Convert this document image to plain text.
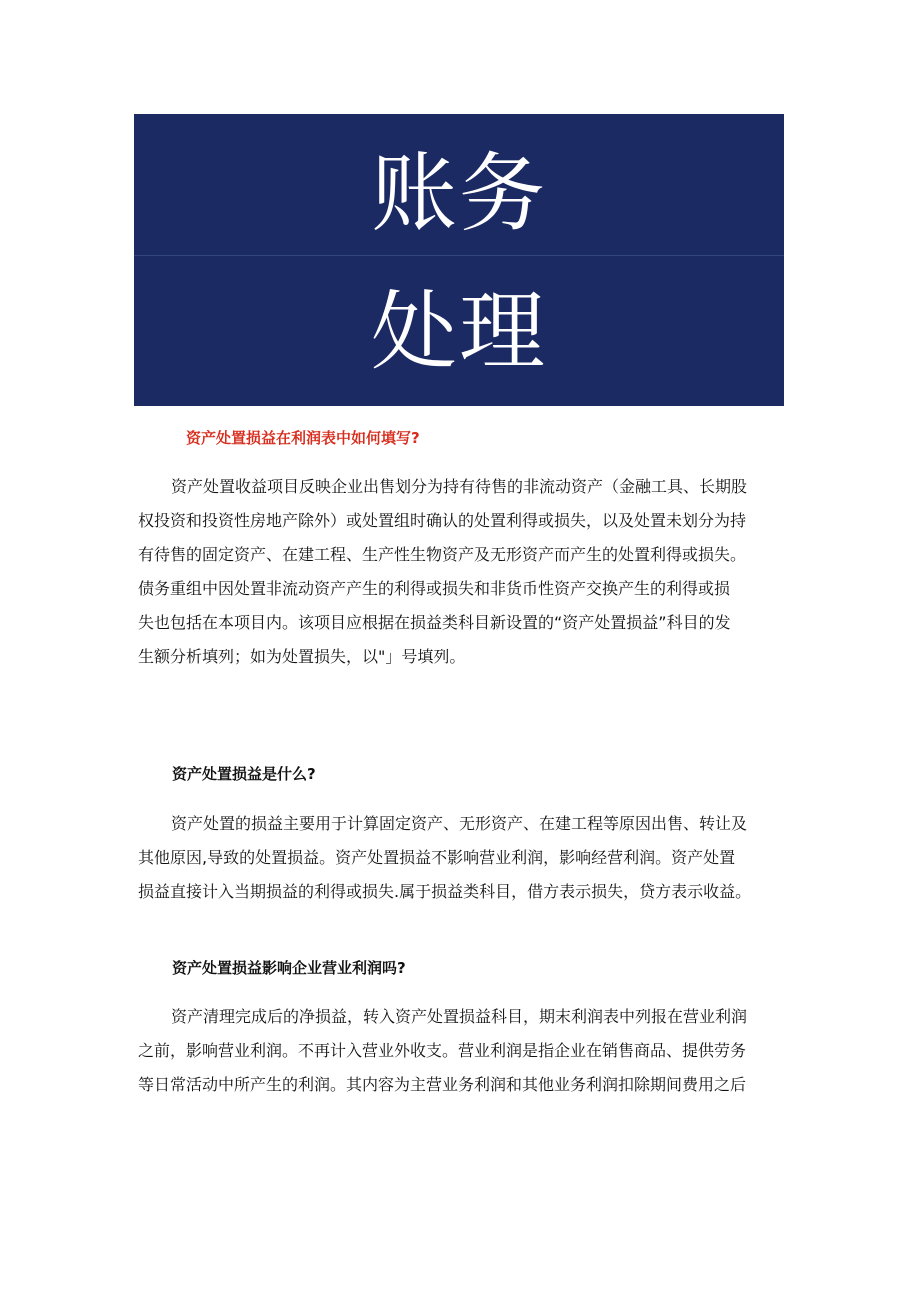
账务
处理
资产处置损益在利润表中如何填写?
资产处置收益项目反映企业出售划分为持有待售的非流动资产（金融工具、长期股
权投资和投资性房地产除外）或处置组时确认的处置利得或损失，以及处置未划分为持
有待售的固定资产、在建工程、生产性生物资产及无形资产而产生的处置利得或损失。
债务重组中因处置非流动资产产生的利得或损失和非货币性资产交换产生的利得或损
失也包括在本项目内。该项目应根据在损益类科目新设置的“资产处置损益”科目的发
生额分析填列；如为处置损失，以"」号填列。
资产处置损益是什么?
资产处置的损益主要用于计算固定资产、无形资产、在建工程等原因出售、转让及
其他原因,导致的处置损益。资产处置损益不影响营业利润，影响经营利润。资产处置
损益直接计入当期损益的利得或损失.属于损益类科目，借方表示损失，贷方表示收益。
资产处置损益影响企业营业利润吗?
资产清理完成后的净损益，转入资产处置损益科目，期末利润表中列报在营业利润
之前，影响营业利润。不再计入营业外收支。营业利润是指企业在销售商品、提供劳务
等日常活动中所产生的利润。其内容为主营业务利润和其他业务利润扣除期间费用之后
